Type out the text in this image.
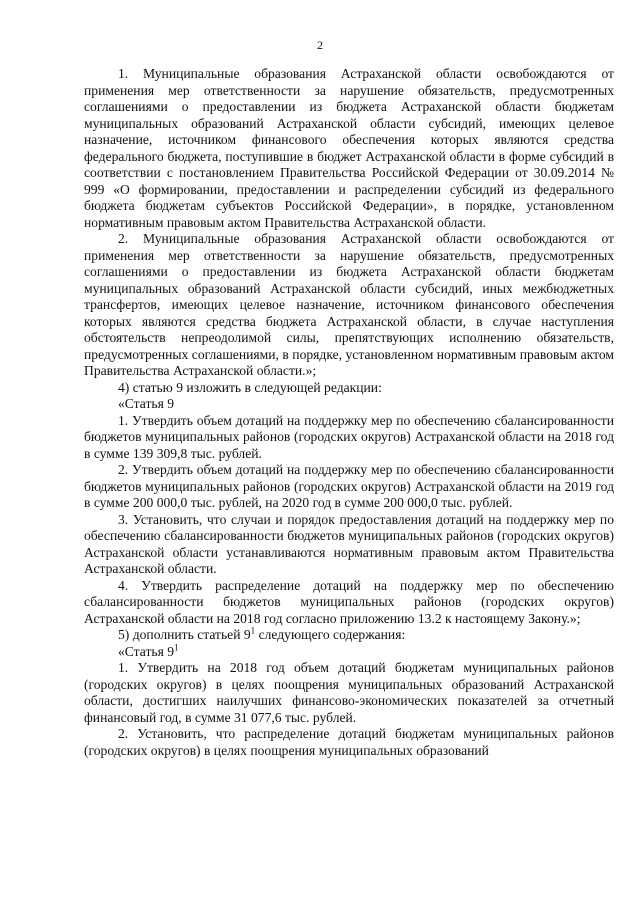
2

1. Муниципальные образования Астраханской области освобождаются от применения мер ответственности за нарушение обязательств, предусмотренных соглашениями о предоставлении из бюджета Астраханской области бюджетам муниципальных образований Астраханской области субсидий, имеющих целевое назначение, источником финансового обеспечения которых являются средства федерального бюджета, поступившие в бюджет Астраханской области в форме субсидий в соответствии с постановлением Правительства Российской Федерации от 30.09.2014 № 999 «О формировании, предоставлении и распределении субсидий из федерального бюджета бюджетам субъектов Российской Федерации», в порядке, установленном нормативным правовым актом Правительства Астраханской области.

2. Муниципальные образования Астраханской области освобождаются от применения мер ответственности за нарушение обязательств, предусмотренных соглашениями о предоставлении из бюджета Астраханской области бюджетам муниципальных образований Астраханской области субсидий, иных межбюджетных трансфертов, имеющих целевое назначение, источником финансового обеспечения которых являются средства бюджета Астраханской области, в случае наступления обстоятельств непреодолимой силы, препятствующих исполнению обязательств, предусмотренных соглашениями, в порядке, установленном нормативным правовым актом Правительства Астраханской области.»;

4) статью 9 изложить в следующей редакции:

«Статья 9

1. Утвердить объем дотаций на поддержку мер по обеспечению сбалансированности бюджетов муниципальных районов (городских округов) Астраханской области на 2018 год в сумме 139 309,8 тыс. рублей.

2. Утвердить объем дотаций на поддержку мер по обеспечению сбалансированности бюджетов муниципальных районов (городских округов) Астраханской области на 2019 год в сумме 200 000,0 тыс. рублей, на 2020 год в сумме 200 000,0 тыс. рублей.

3. Установить, что случаи и порядок предоставления дотаций на поддержку мер по обеспечению сбалансированности бюджетов муниципальных районов (городских округов) Астраханской области устанавливаются нормативным правовым актом Правительства Астраханской области.

4. Утвердить распределение дотаций на поддержку мер по обеспечению сбалансированности бюджетов муниципальных районов (городских округов) Астраханской области на 2018 год согласно приложению 13.2 к настоящему Закону.»;

5) дополнить статьей $9^1$ следующего содержания:

«Статья $9^1$

1. Утвердить на 2018 год объем дотаций бюджетам муниципальных районов (городских округов) в целях поощрения муниципальных образований Астраханской области, достигших наилучших финансово-экономических показателей за отчетный финансовый год, в сумме 31 077,6 тыс. рублей.

2. Установить, что распределение дотаций бюджетам муниципальных районов (городских округов) в целях поощрения муниципальных образований
